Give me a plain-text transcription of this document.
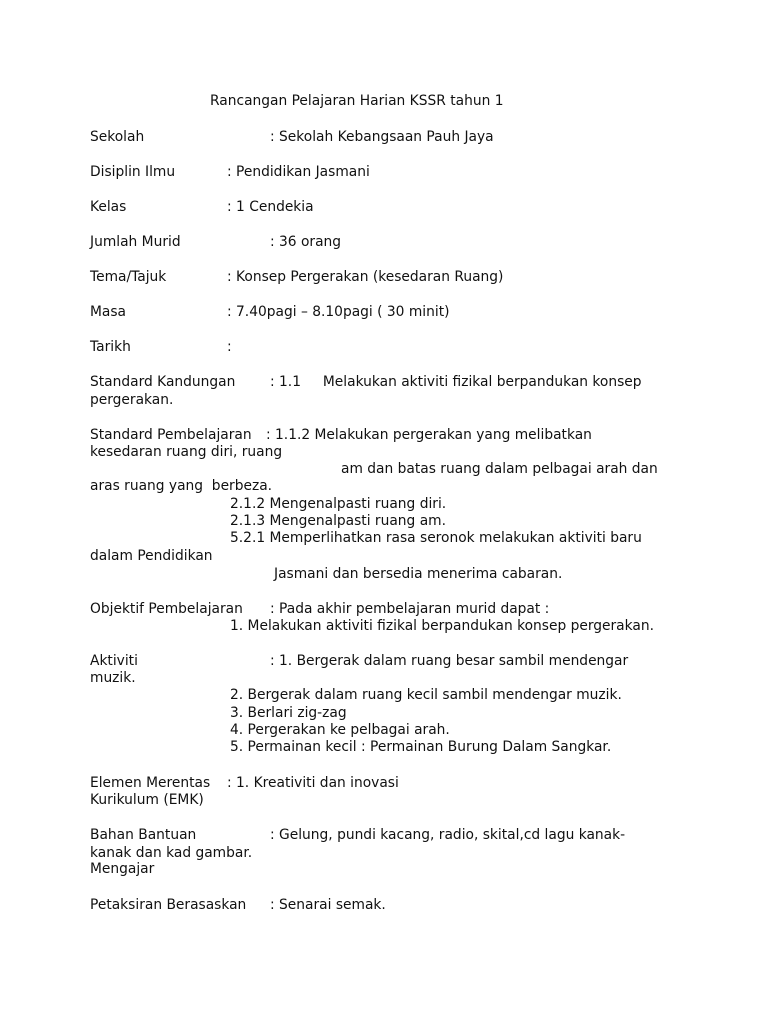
Rancangan Pelajaran Harian KSSR tahun 1
Sekolah	: Sekolah Kebangsaan Pauh Jaya
Disiplin Ilmu	: Pendidikan Jasmani
Kelas	: 1 Cendekia
Jumlah Murid	: 36 orang
Tema/Tajuk	: Konsep Pergerakan (kesedaran Ruang)
Masa	: 7.40pagi – 8.10pagi ( 30 minit)
Tarikh	:
Standard Kandungan	: 1.1     Melakukan aktiviti fizikal berpandukan konsep
pergerakan.
Standard Pembelajaran : 1.1.2 Melakukan pergerakan yang melibatkan
kesedaran ruang diri, ruang
am dan batas ruang dalam pelbagai arah dan
aras ruang yang  berbeza.
2.1.2 Mengenalpasti ruang diri.
2.1.3 Mengenalpasti ruang am.
5.2.1 Memperlihatkan rasa seronok melakukan aktiviti baru
dalam Pendidikan
Jasmani dan bersedia menerima cabaran.
Objektif Pembelajaran : Pada akhir pembelajaran murid dapat :
1. Melakukan aktiviti fizikal berpandukan konsep pergerakan.
Aktiviti	: 1. Bergerak dalam ruang besar sambil mendengar
muzik.
2. Bergerak dalam ruang kecil sambil mendengar muzik.
3. Berlari zig-zag
4. Pergerakan ke pelbagai arah.
5. Permainan kecil : Permainan Burung Dalam Sangkar.
Elemen Merentas : 1. Kreativiti dan inovasi
Kurikulum (EMK)
Bahan Bantuan	: Gelung, pundi kacang, radio, skital,cd lagu kanak-
kanak dan kad gambar.
Mengajar
Petaksiran Berasaskan : Senarai semak.
